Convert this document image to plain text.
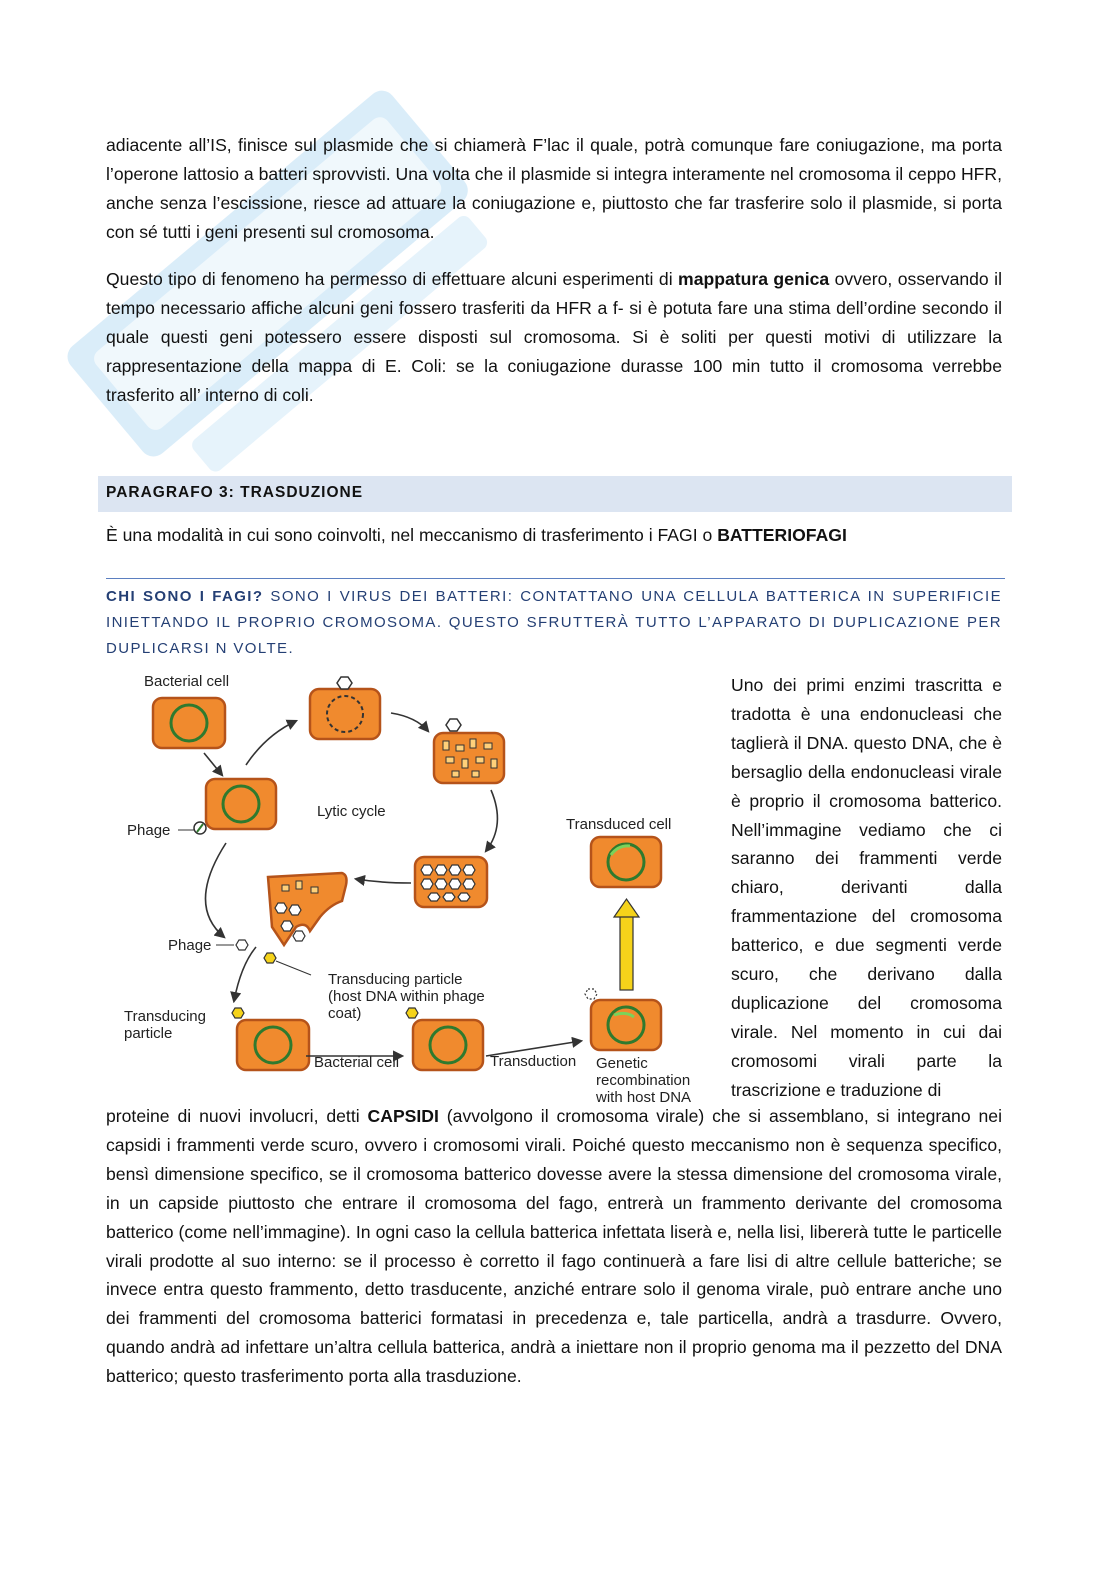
adiacente all’IS, finisce sul plasmide che si chiamerà F’lac il quale, potrà comunque fare coniugazione, ma porta l’operone lattosio a batteri sprovvisti. Una volta che il plasmide si integra interamente nel cromosoma il ceppo HFR, anche senza l’escissione, riesce ad attuare la coniugazione e, piuttosto che far trasferire solo il plasmide, si porta con sé tutti i geni presenti sul cromosoma.

Questo tipo di fenomeno ha permesso di effettuare alcuni esperimenti di mappatura genica ovvero, osservando il tempo necessario affiche alcuni geni fossero trasferiti da HFR a f- si è potuta fare una stima dell’ordine secondo il quale questi geni potessero essere disposti sul cromosoma. Si è soliti per questi motivi di utilizzare la rappresentazione della mappa di E. Coli: se la coniugazione durasse 100 min tutto il cromosoma verrebbe trasferito all’ interno di coli.

PARAGRAFO 3: TRASDUZIONE

È una modalità in cui sono coinvolti, nel meccanismo di trasferimento i FAGI o BATTERIOFAGI

CHI SONO I FAGI? SONO I VIRUS DEI BATTERI: CONTATTANO UNA CELLULA BATTERICA IN SUPERIFICIE INIETTANDO IL PROPRIO CROMOSOMA. QUESTO SFRUTTERÀ TUTTO L’APPARATO DI DUPLICAZIONE PER DUPLICARSI N VOLTE.

Bacterial cell
Phage
Lytic cycle
Phage
Transducing particle
(host DNA within phage
coat)
Transducing
particle
Bacterial cell	Transduction Genetic
recombination
with host DNA
Transduced cell

Uno dei primi enzimi trascritta e tradotta è una endonucleasi che taglierà il DNA. questo DNA, che è bersaglio della endonucleasi virale è proprio il cromosoma batterico. Nell’immagine vediamo che ci saranno dei frammenti verde chiaro, derivanti dalla frammentazione del cromosoma batterico, e due segmenti verde scuro, che derivano dalla duplicazione del cromosoma virale. Nel momento in cui dai cromosomi virali parte la trascrizione e traduzione di

proteine di nuovi involucri, detti CAPSIDI (avvolgono il cromosoma virale) che si assemblano, si integrano nei capsidi i frammenti verde scuro, ovvero i cromosomi virali. Poiché questo meccanismo non è sequenza specifico, bensì dimensione specifico, se il cromosoma batterico dovesse avere la stessa dimensione del cromosoma virale, in un capside piuttosto che entrare il cromosoma del fago, entrerà un frammento derivante del cromosoma batterico (come nell’immagine). In ogni caso la cellula batterica infettata liserà e, nella lisi, libererà tutte le particelle virali prodotte al suo interno: se il processo è corretto il fago continuerà a fare lisi di altre cellule batteriche; se invece entra questo frammento, detto trasducente, anziché entrare solo il genoma virale, può entrare anche uno dei frammenti del cromosoma batterici formatasi in precedenza e, tale particella, andrà a trasdurre. Ovvero, quando andrà ad infettare un’altra cellula batterica, andrà a iniettare non il proprio genoma ma il pezzetto del DNA batterico; questo trasferimento porta alla trasduzione.
